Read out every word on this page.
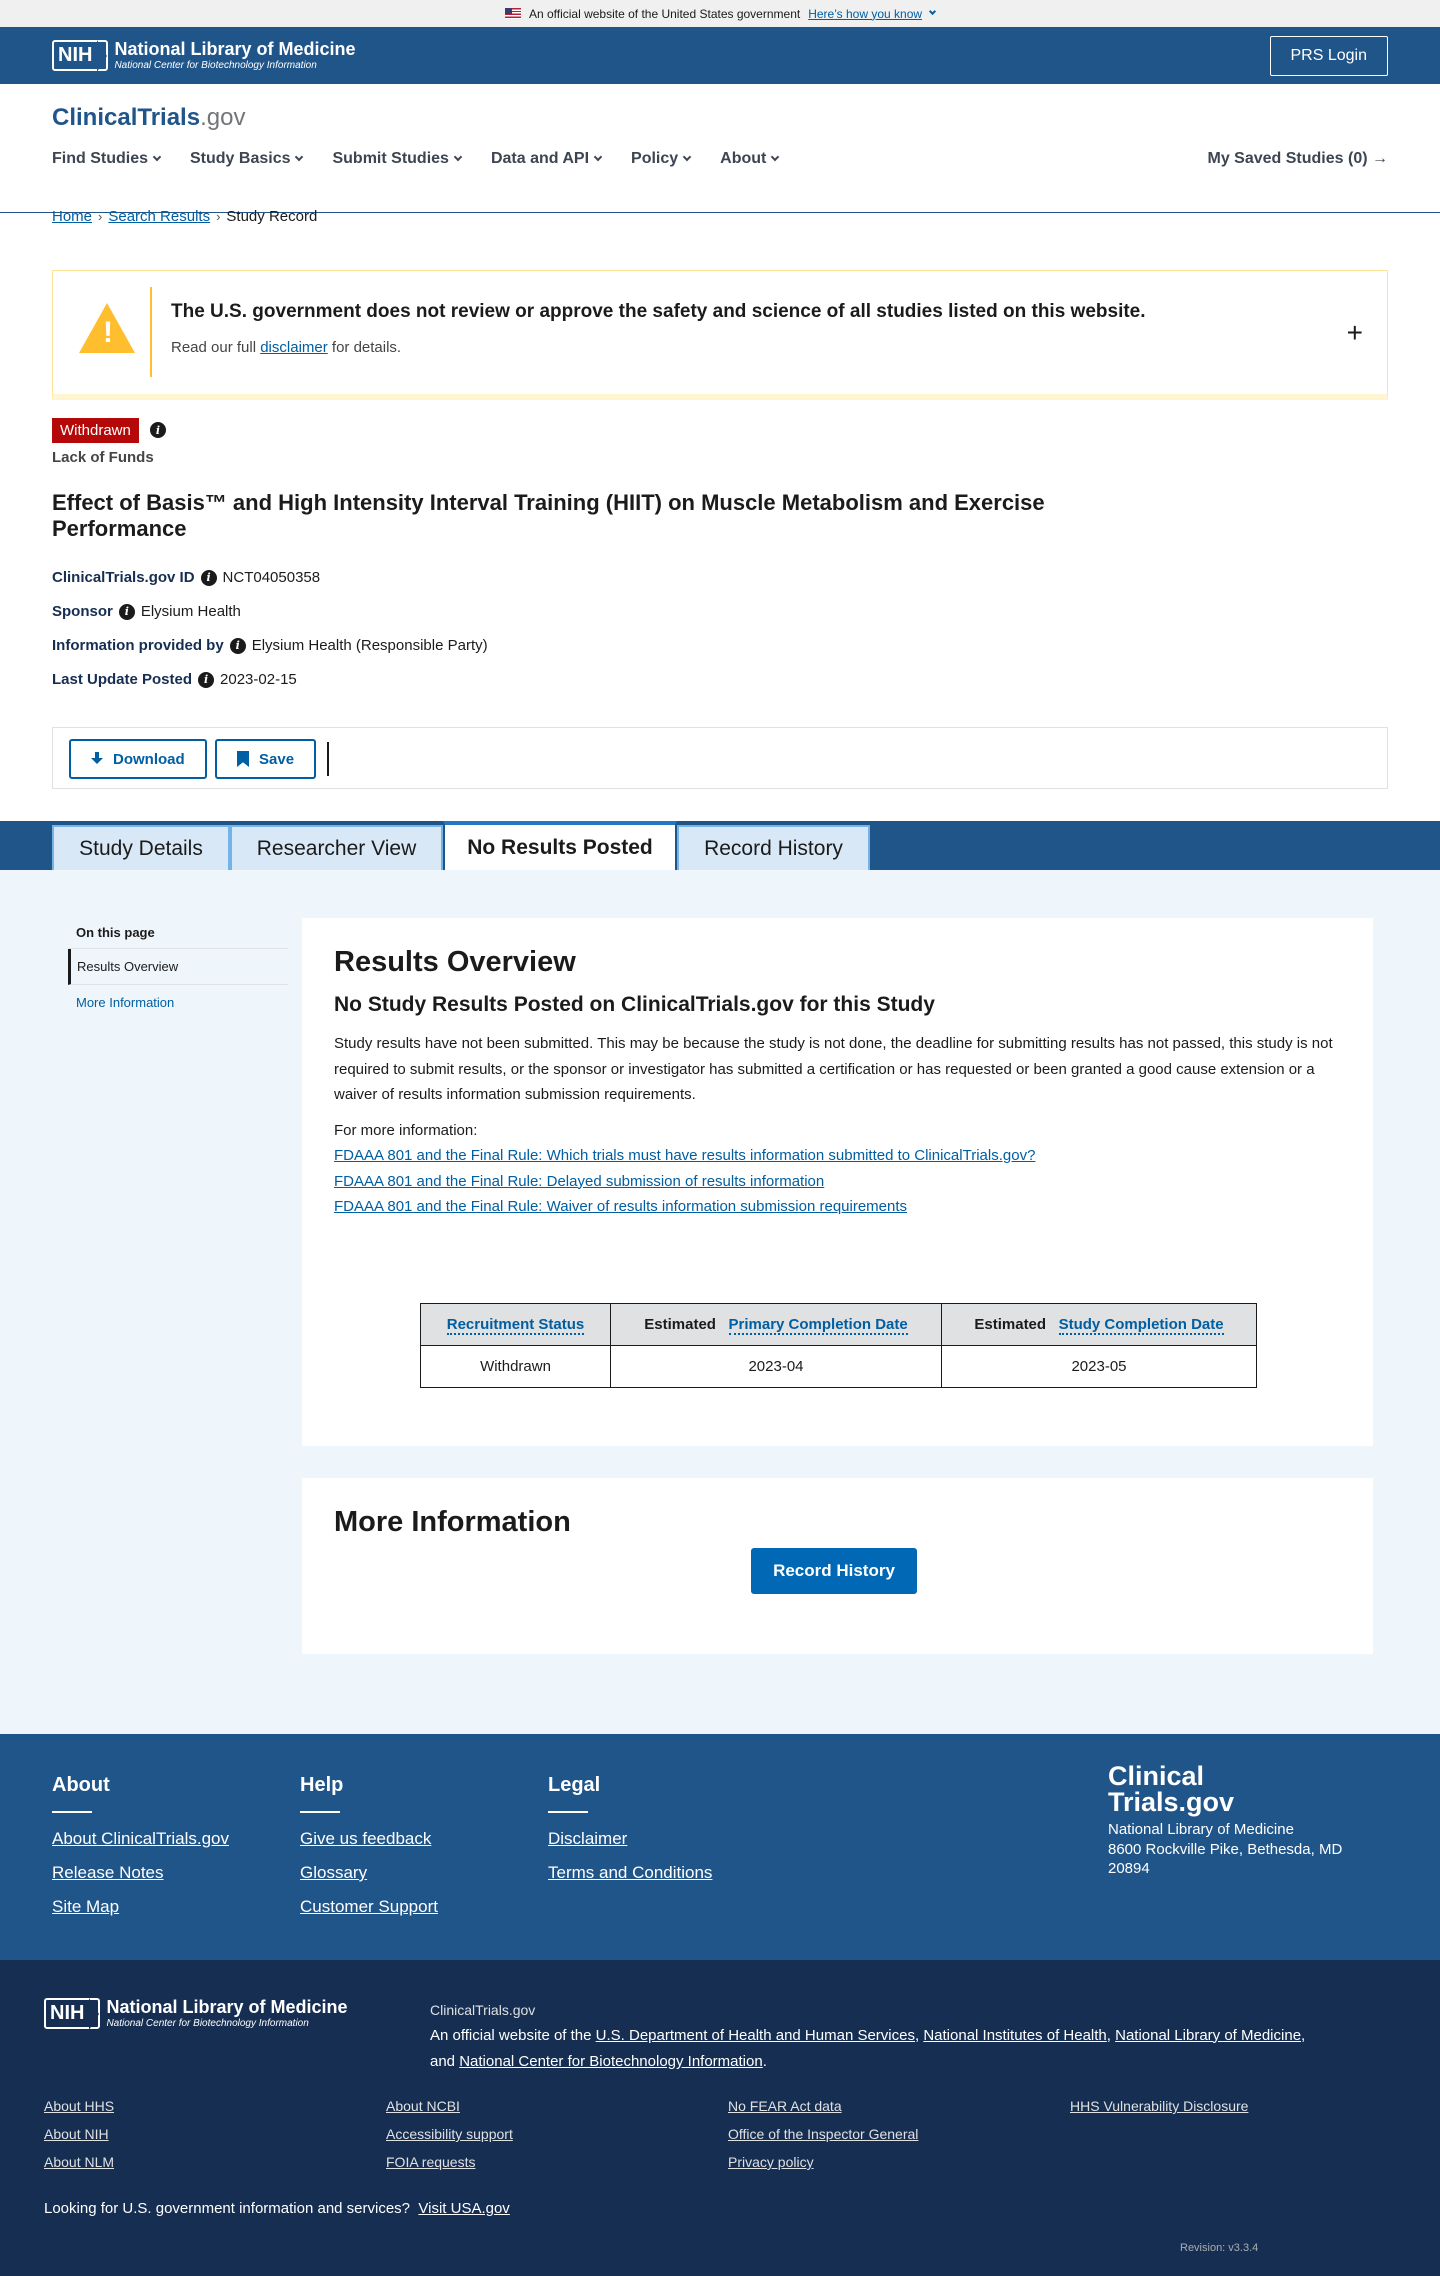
An official website of the United States government Here’s how you know
NIH	National Library of Medicine
National Center for Biotechnology Information
PRS Login
ClinicalTrials.gov
Find Studies	Study Basics	Submit Studies	Data and API	Policy	About	My Saved Studies (0) →
Home › Search Results › Study Record
!
The U.S. government does not review or approve the safety and science of all studies listed on this website.
Read our full disclaimer for details.	+
Withdrawn	i
Lack of Funds
Effect of Basis™ and High Intensity Interval Training (HIIT) on Muscle Metabolism and Exercise Performance
ClinicalTrials.gov ID	i NCT04050358
Sponsor	i Elysium Health
Information provided by	i Elysium Health (Responsible Party)
Last Update Posted	i 2023-02-15
Download	Save
Study Details	Researcher View	No Results Posted	Record History
On this page
Results Overview
More Information
Results Overview
No Study Results Posted on ClinicalTrials.gov for this Study

Study results have not been submitted. This may be because the study is not done, the deadline for submitting results has not passed, this study is not required to submit results, or the sponsor or investigator has submitted a certification or has requested or been granted a good cause extension or a waiver of results information submission requirements.

For more information:

FDAAA 801 and the Final Rule: Which trials must have results information submitted to ClinicalTrials.gov?
FDAAA 801 and the Final Rule: Delayed submission of results information
FDAAA 801 and the Final Rule: Waiver of results information submission requirements
Recruitment Status	Estimated Primary Completion Date	Estimated Study Completion Date
Withdrawn	2023-04	2023-05
More Information
Record History
About
About ClinicalTrials.gov
Release Notes
Site Map
Help
Give us feedback
Glossary
Customer Support
Legal
Disclaimer
Terms and Conditions
Clinical
Trials.gov
National Library of Medicine
8600 Rockville Pike, Bethesda, MD 20894
NIH	National Library of Medicine
National Center for Biotechnology Information
ClinicalTrials.gov
An official website of the U.S. Department of Health and Human Services, National Institutes of Health, National Library of Medicine,
and National Center for Biotechnology Information.
About HHS
About NIH
About NLM
About NCBI
Accessibility support
FOIA requests
No FEAR Act data
Office of the Inspector General
Privacy policy
HHS Vulnerability Disclosure
Looking for U.S. government information and services? Visit USA.gov
Revision: v3.3.4
